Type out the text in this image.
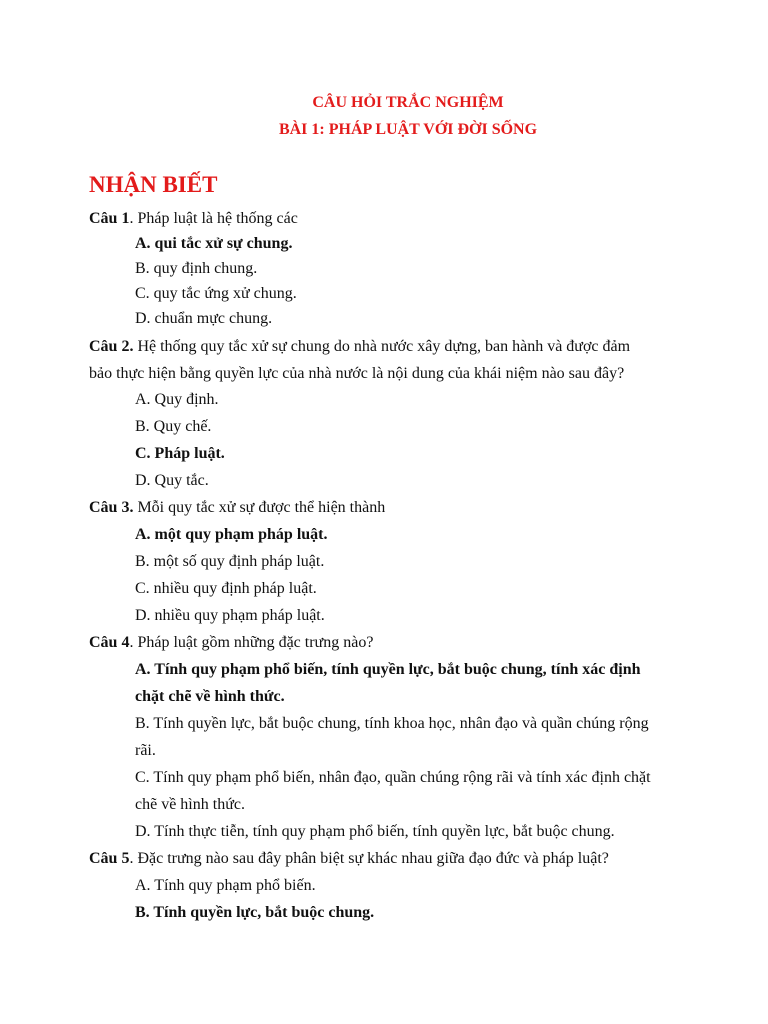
CÂU HỎI TRẮC NGHIỆM
BÀI 1: PHÁP LUẬT VỚI ĐỜI SỐNG
NHẬN BIẾT
Câu 1. Pháp luật là hệ thống các
A. qui tắc xử sự chung.
B. quy định chung.
C. quy tắc ứng xử chung.
D. chuẩn mực chung.
Câu 2. Hệ thống quy tắc xử sự chung do nhà nước xây dựng, ban hành và được đảm
bảo thực hiện bằng quyền lực của nhà nước là nội dung của khái niệm nào sau đây?
A. Quy định.
B. Quy chế.
C. Pháp luật.
D. Quy tắc.
Câu 3. Mỗi quy tắc xử sự được thể hiện thành
A. một quy phạm pháp luật.
B. một số quy định pháp luật.
C. nhiều quy định pháp luật.
D. nhiều quy phạm pháp luật.
Câu 4. Pháp luật gồm những đặc trưng nào?
A. Tính quy phạm phổ biến, tính quyền lực, bắt buộc chung, tính xác định
chặt chẽ về hình thức.
B. Tính quyền lực, bắt buộc chung, tính khoa học, nhân đạo và quần chúng rộng
rãi.
C. Tính quy phạm phổ biến, nhân đạo, quần chúng rộng rãi và tính xác định chặt
chẽ về hình thức.
D. Tính thực tiễn, tính quy phạm phổ biến, tính quyền lực, bắt buộc chung.
Câu 5. Đặc trưng nào sau đây phân biệt sự khác nhau giữa đạo đức và pháp luật?
A. Tính quy phạm phổ biến.
B. Tính quyền lực, bắt buộc chung.
